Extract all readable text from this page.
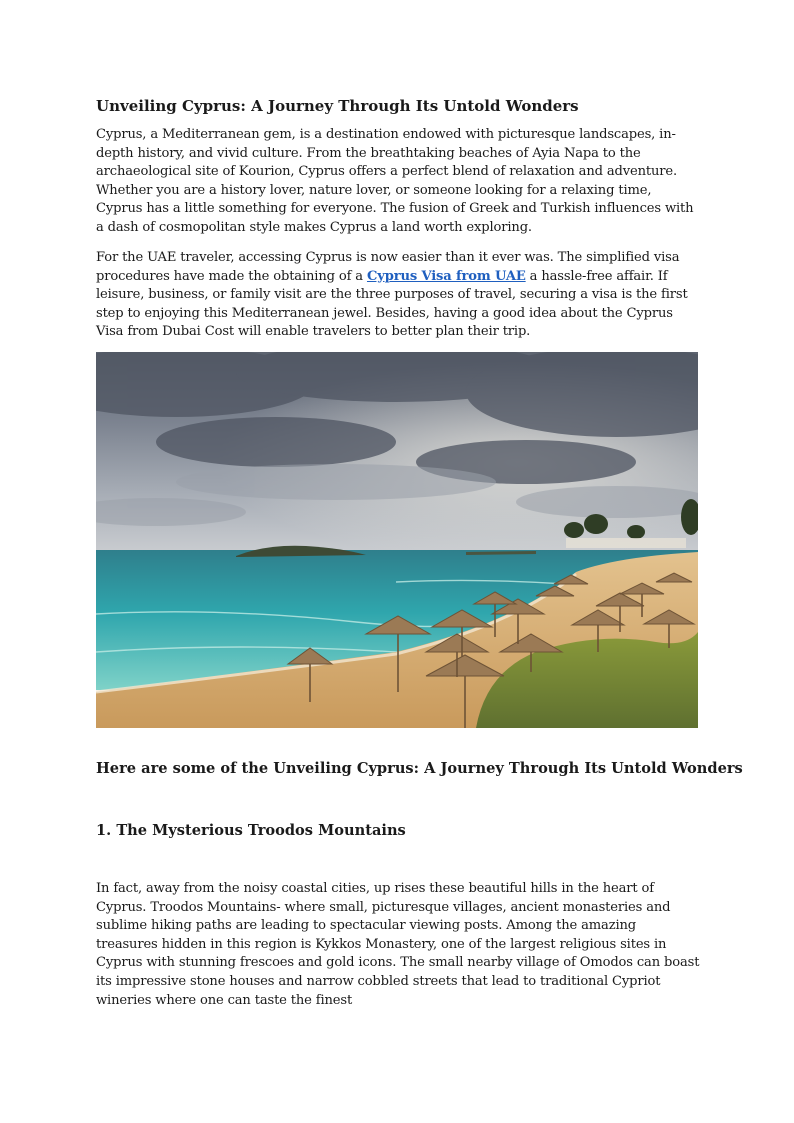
Unveiling Cyprus: A Journey Through Its Untold Wonders

Cyprus, a Mediterranean gem, is a destination endowed with picturesque landscapes, in-depth history, and vivid culture. From the breathtaking beaches of Ayia Napa to the archaeological site of Kourion, Cyprus offers a perfect blend of relaxation and adventure. Whether you are a history lover, nature lover, or someone looking for a relaxing time, Cyprus has a little something for everyone. The fusion of Greek and Turkish influences with a dash of cosmopolitan style makes Cyprus a land worth exploring.

For the UAE traveler, accessing Cyprus is now easier than it ever was. The simplified visa procedures have made the obtaining of a Cyprus Visa from UAE a hassle-free affair. If leisure, business, or family visit are the three purposes of travel, securing a visa is the first step to enjoying this Mediterranean jewel. Besides, having a good idea about the Cyprus Visa from Dubai Cost will enable travelers to better plan their trip.

Here are some of the Unveiling Cyprus: A Journey Through Its Untold Wonders
1. The Mysterious Troodos Mountains

In fact, away from the noisy coastal cities, up rises these beautiful hills in the heart of Cyprus. Troodos Mountains- where small, picturesque villages, ancient monasteries and sublime hiking paths are leading to spectacular viewing posts. Among the amazing treasures hidden in this region is Kykkos Monastery, one of the largest religious sites in Cyprus with stunning frescoes and gold icons. The small nearby village of Omodos can boast its impressive stone houses and narrow cobbled streets that lead to traditional Cypriot wineries where one can taste the finest
